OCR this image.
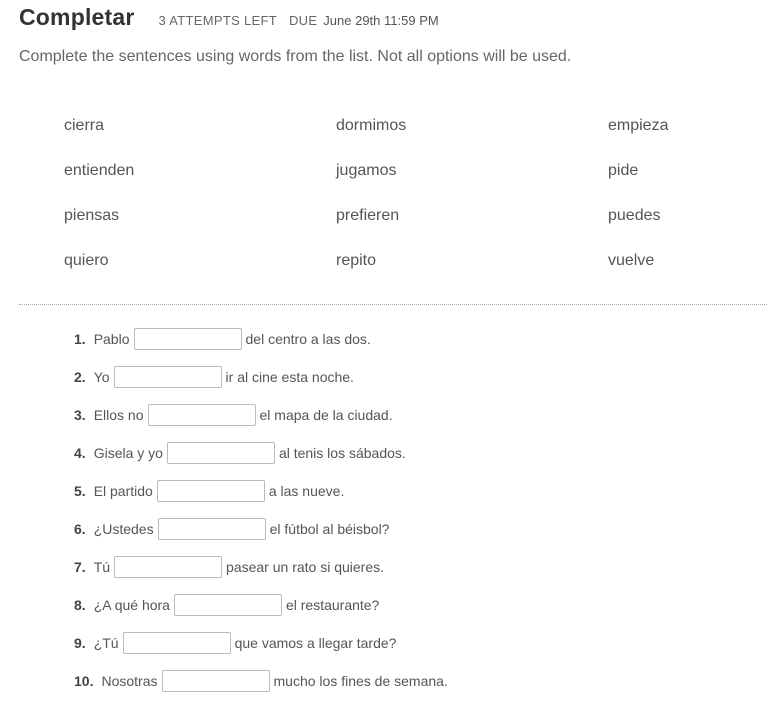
Completar 3 ATTEMPTS LEFT DUE June 29th 11:59 PM
Complete the sentences using words from the list. Not all options will be used.
cierra	dormimos	empieza
entienden	jugamos	pide
piensas	prefieren	puedes
quiero	repito	vuelve
1. Pablo	del centro a las dos.
2. Yo	ir al cine esta noche.
3. Ellos no	el mapa de la ciudad.
4. Gisela y yo	al tenis los sábados.
5. El partido	a las nueve.
6. ¿Ustedes	el fútbol al béisbol?
7. Tú	pasear un rato si quieres.
8. ¿A qué hora	el restaurante?
9. ¿Tú	que vamos a llegar tarde?
10. Nosotras	mucho los fines de semana.
